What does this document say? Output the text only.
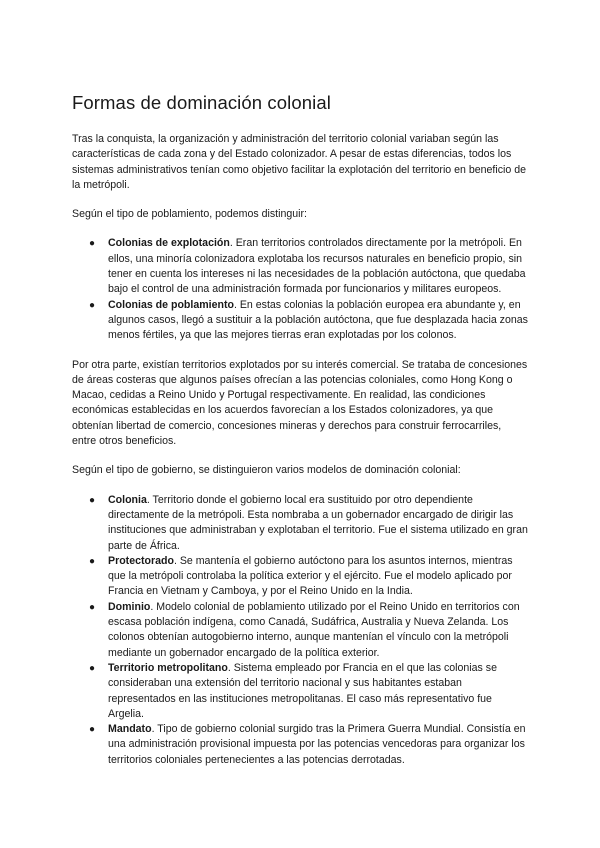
Formas de dominación colonial

Tras la conquista, la organización y administración del territorio colonial variaban según las características de cada zona y del Estado colonizador. A pesar de estas diferencias, todos los sistemas administrativos tenían como objetivo facilitar la explotación del territorio en beneficio de la metrópoli.

Según el tipo de poblamiento, podemos distinguir:

● Colonias de explotación. Eran territorios controlados directamente por la metrópoli. En ellos, una minoría colonizadora explotaba los recursos naturales en beneficio propio, sin tener en cuenta los intereses ni las necesidades de la población autóctona, que quedaba bajo el control de una administración formada por funcionarios y militares europeos.
● Colonias de poblamiento. En estas colonias la población europea era abundante y, en algunos casos, llegó a sustituir a la población autóctona, que fue desplazada hacia zonas menos fértiles, ya que las mejores tierras eran explotadas por los colonos.

Por otra parte, existían territorios explotados por su interés comercial. Se trataba de concesiones de áreas costeras que algunos países ofrecían a las potencias coloniales, como Hong Kong o Macao, cedidas a Reino Unido y Portugal respectivamente. En realidad, las condiciones económicas establecidas en los acuerdos favorecían a los Estados colonizadores, ya que obtenían libertad de comercio, concesiones mineras y derechos para construir ferrocarriles, entre otros beneficios.

Según el tipo de gobierno, se distinguieron varios modelos de dominación colonial:

● Colonia. Territorio donde el gobierno local era sustituido por otro dependiente directamente de la metrópoli. Esta nombraba a un gobernador encargado de dirigir las instituciones que administraban y explotaban el territorio. Fue el sistema utilizado en gran parte de África.
● Protectorado. Se mantenía el gobierno autóctono para los asuntos internos, mientras que la metrópoli controlaba la política exterior y el ejército. Fue el modelo aplicado por Francia en Vietnam y Camboya, y por el Reino Unido en la India.
● Dominio. Modelo colonial de poblamiento utilizado por el Reino Unido en territorios con escasa población indígena, como Canadá, Sudáfrica, Australia y Nueva Zelanda. Los colonos obtenían autogobierno interno, aunque mantenían el vínculo con la metrópoli mediante un gobernador encargado de la política exterior.
● Territorio metropolitano. Sistema empleado por Francia en el que las colonias se consideraban una extensión del territorio nacional y sus habitantes estaban representados en las instituciones metropolitanas. El caso más representativo fue Argelia.
● Mandato. Tipo de gobierno colonial surgido tras la Primera Guerra Mundial. Consistía en una administración provisional impuesta por las potencias vencedoras para organizar los territorios coloniales pertenecientes a las potencias derrotadas.
